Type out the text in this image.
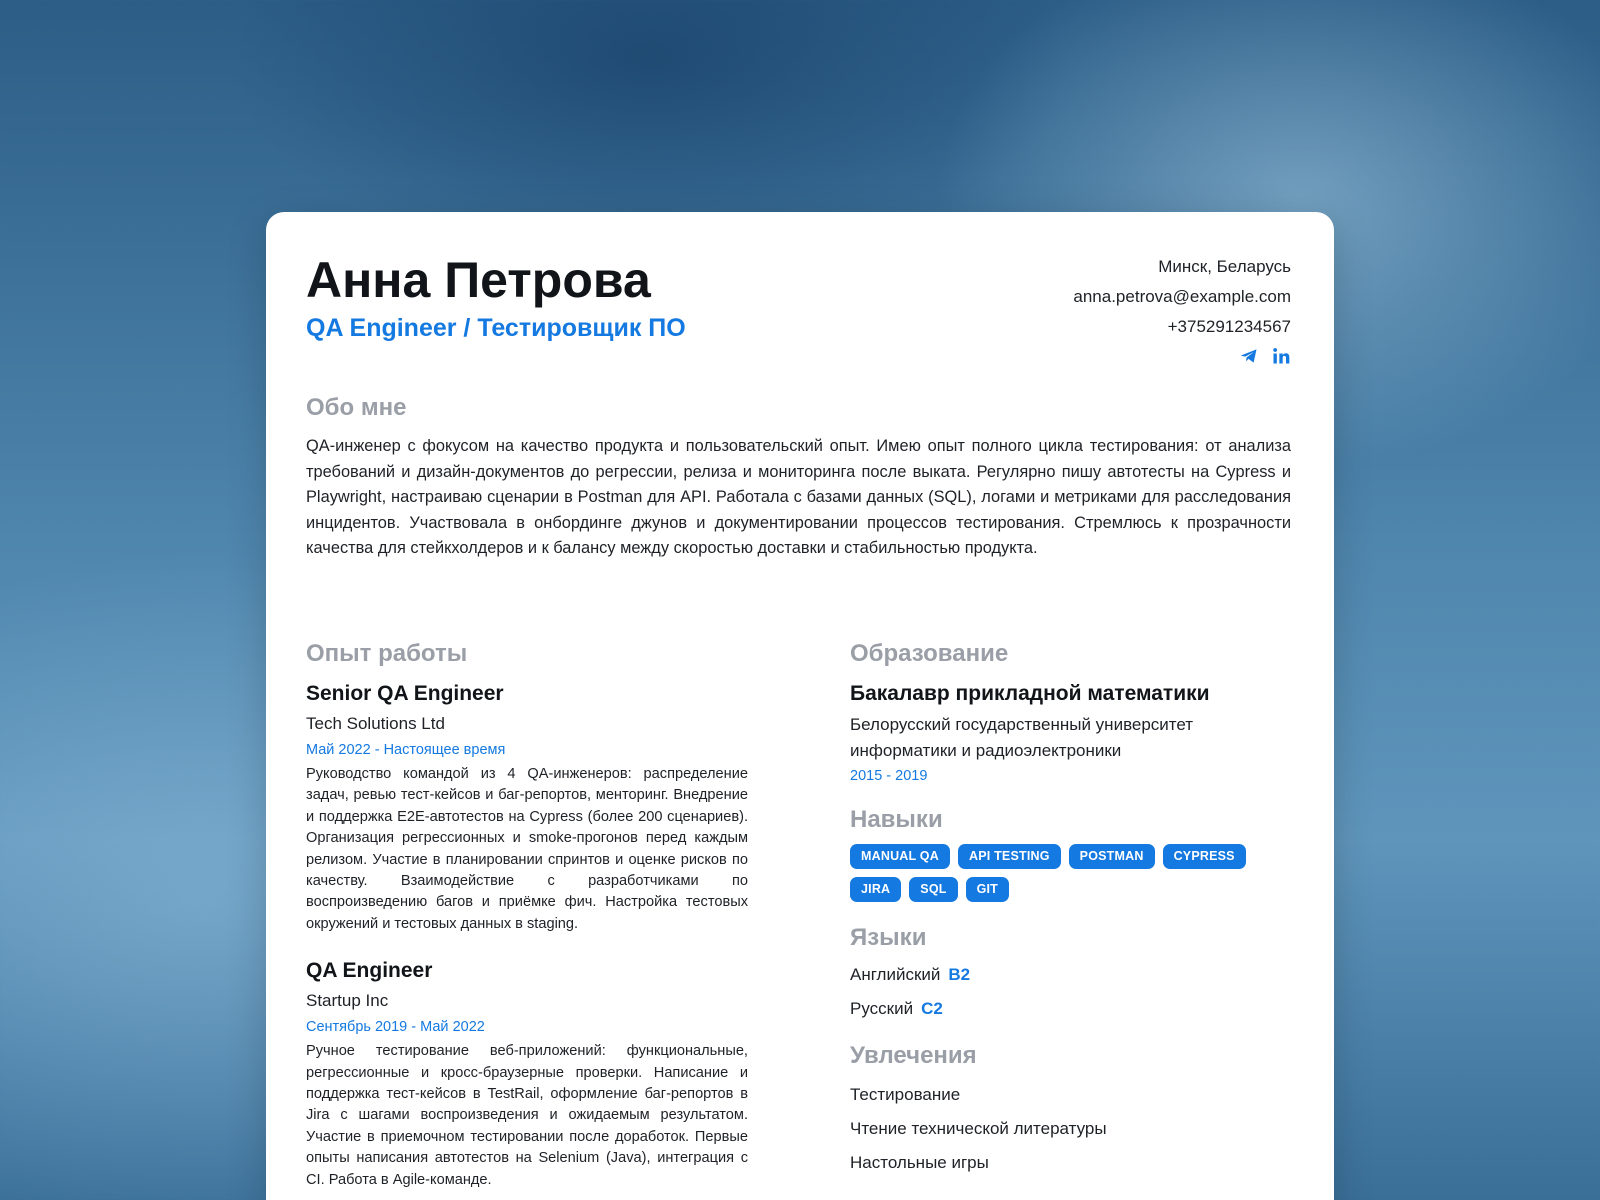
Анна Петрова
QA Engineer / Тестировщик ПО
Минск, Беларусь
anna.petrova@example.com
+375291234567
Обо мне

QA-инженер с фокусом на качество продукта и пользовательский опыт. Имею опыт полного цикла тестирования: от анализа требований и дизайн-документов до регрессии, релиза и мониторинга после выката. Регулярно пишу автотесты на Cypress и Playwright, настраиваю сценарии в Postman для API. Работала с базами данных (SQL), логами и метриками для расследования инцидентов. Участвовала в онбординге джунов и документировании процессов тестирования. Стремлюсь к прозрачности качества для стейкхолдеров и к балансу между скоростью доставки и стабильностью продукта.

Опыт работы
Senior QA Engineer
Tech Solutions Ltd
Май 2022 - Настоящее время

Руководство командой из 4 QA-инженеров: распределение задач, ревью тест-кейсов и баг-репортов, менторинг. Внедрение и поддержка E2E-автотестов на Cypress (более 200 сценариев). Организация регрессионных и smoke-прогонов перед каждым релизом. Участие в планировании спринтов и оценке рисков по качеству. Взаимодействие с разработчиками по воспроизведению багов и приёмке фич. Настройка тестовых окружений и тестовых данных в staging.

QA Engineer
Startup Inc
Сентябрь 2019 - Май 2022

Ручное тестирование веб-приложений: функциональные, регрессионные и кросс-браузерные проверки. Написание и поддержка тест-кейсов в TestRail, оформление баг-репортов в Jira с шагами воспроизведения и ожидаемым результатом. Участие в приемочном тестировании после доработок. Первые опыты написания автотестов на Selenium (Java), интеграция с CI. Работа в Agile-команде.

Образование
Бакалавр прикладной математики
Белорусский государственный университет информатики и радиоэлектроники
2015 - 2019
Навыки
MANUAL QA	API TESTING	POSTMAN	CYPRESS
JIRA	SQL	GIT
Языки
Английский B2
Русский C2
Увлечения
Тестирование
Чтение технической литературы
Настольные игры
